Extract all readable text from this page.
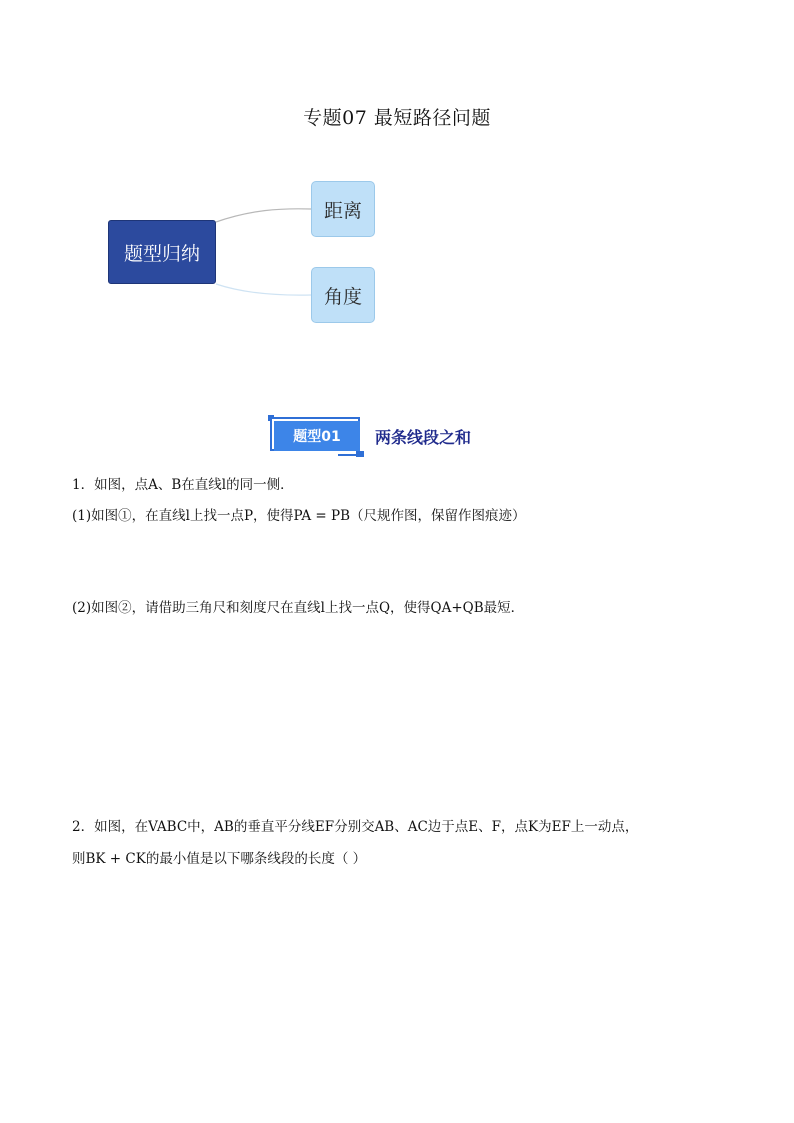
专题07 最短路径问题
题型归纳
距离
角度
题型01	两条线段之和
1．如图，点A、B在直线l的同一侧．
(1)如图①，在直线l上找一点P，使得PA = PB（尺规作图，保留作图痕迹）
(2)如图②，请借助三角尺和刻度尺在直线l上找一点Q，使得QA+QB最短．
2．如图，在VABC中，AB的垂直平分线EF分别交AB、AC边于点E、F，点K为EF上一动点，
则BK + CK的最小值是以下哪条线段的长度（ ）
